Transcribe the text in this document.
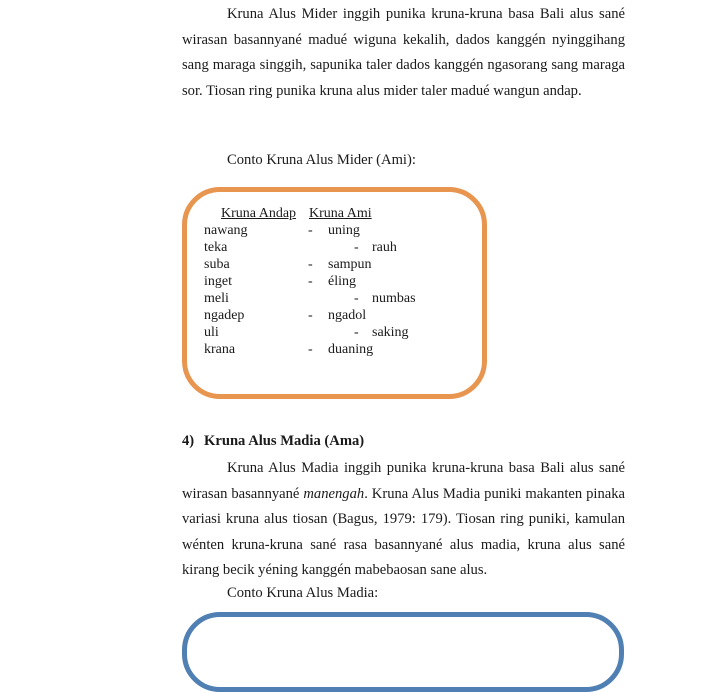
Kruna Alus Mider inggih punika kruna-kruna basa Bali alus sané wirasan basannyané madué wiguna kekalih, dados kanggén nyinggihang sang maraga singgih, sapunika taler dados kanggén ngasorang sang maraga sor. Tiosan ring punika kruna alus mider taler madué wangun andap.

Conto Kruna Alus Mider (Ami):
Kruna Andap Kruna Ami
nawang	- uning
teka	- rauh
suba	- sampun
inget	- éling
meli	- numbas
ngadep	- ngadol
uli	- saking
krana	- duaning
4) Kruna Alus Madia (Ama)

Kruna Alus Madia inggih punika kruna-kruna basa Bali alus sané wirasan basannyané manengah. Kruna Alus Madia puniki makanten pinaka variasi kruna alus tiosan (Bagus, 1979: 179). Tiosan ring puniki, kamulan wénten kruna-kruna sané rasa basannyané alus madia, kruna alus sané kirang becik yéning kanggén mabebaosan sane alus.

Conto Kruna Alus Madia:
